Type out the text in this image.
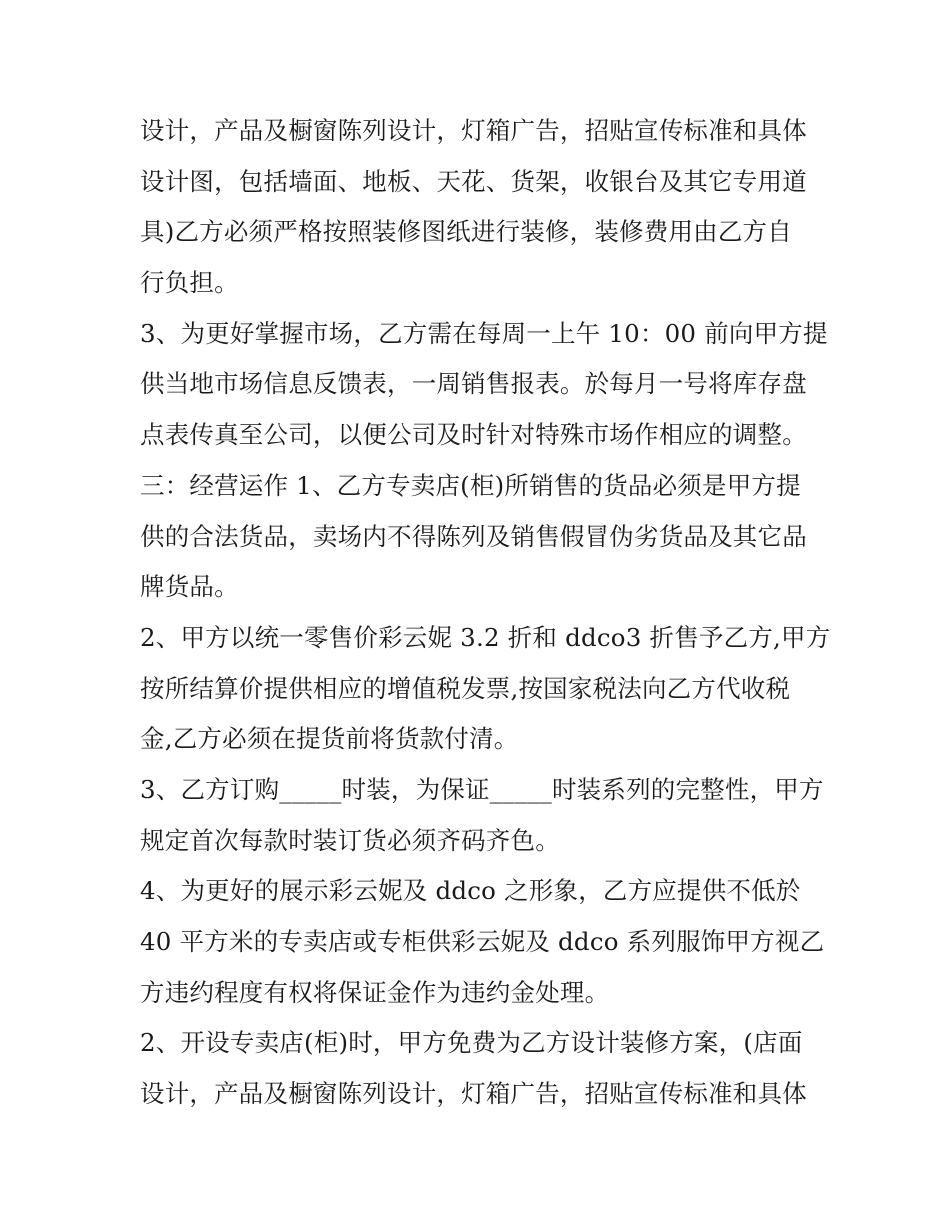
设计，产品及橱窗陈列设计，灯箱广告，招贴宣传标准和具体
设计图，包括墙面、地板、天花、货架，收银台及其它专用道
具)乙方必须严格按照装修图纸进行装修，装修费用由乙方自
行负担。
3、为更好掌握市场，乙方需在每周一上午 10：00 前向甲方提
供当地市场信息反馈表，一周销售报表。於每月一号将库存盘
点表传真至公司，以便公司及时针对特殊市场作相应的调整。
三：经营运作 1、乙方专卖店(柜)所销售的货品必须是甲方提
供的合法货品，卖场内不得陈列及销售假冒伪劣货品及其它品
牌货品。
2、甲方以统一零售价彩云妮 3.2 折和 ddco3 折售予乙方,甲方
按所结算价提供相应的增值税发票,按国家税法向乙方代收税
金,乙方必须在提货前将货款付清。
3、乙方订购_____时装，为保证_____时装系列的完整性，甲方
规定首次每款时装订货必须齐码齐色。
4、为更好的展示彩云妮及 ddco 之形象，乙方应提供不低於
40 平方米的专卖店或专柜供彩云妮及 ddco 系列服饰甲方视乙
方违约程度有权将保证金作为违约金处理。
2、开设专卖店(柜)时，甲方免费为乙方设计装修方案，(店面
设计，产品及橱窗陈列设计，灯箱广告，招贴宣传标准和具体
